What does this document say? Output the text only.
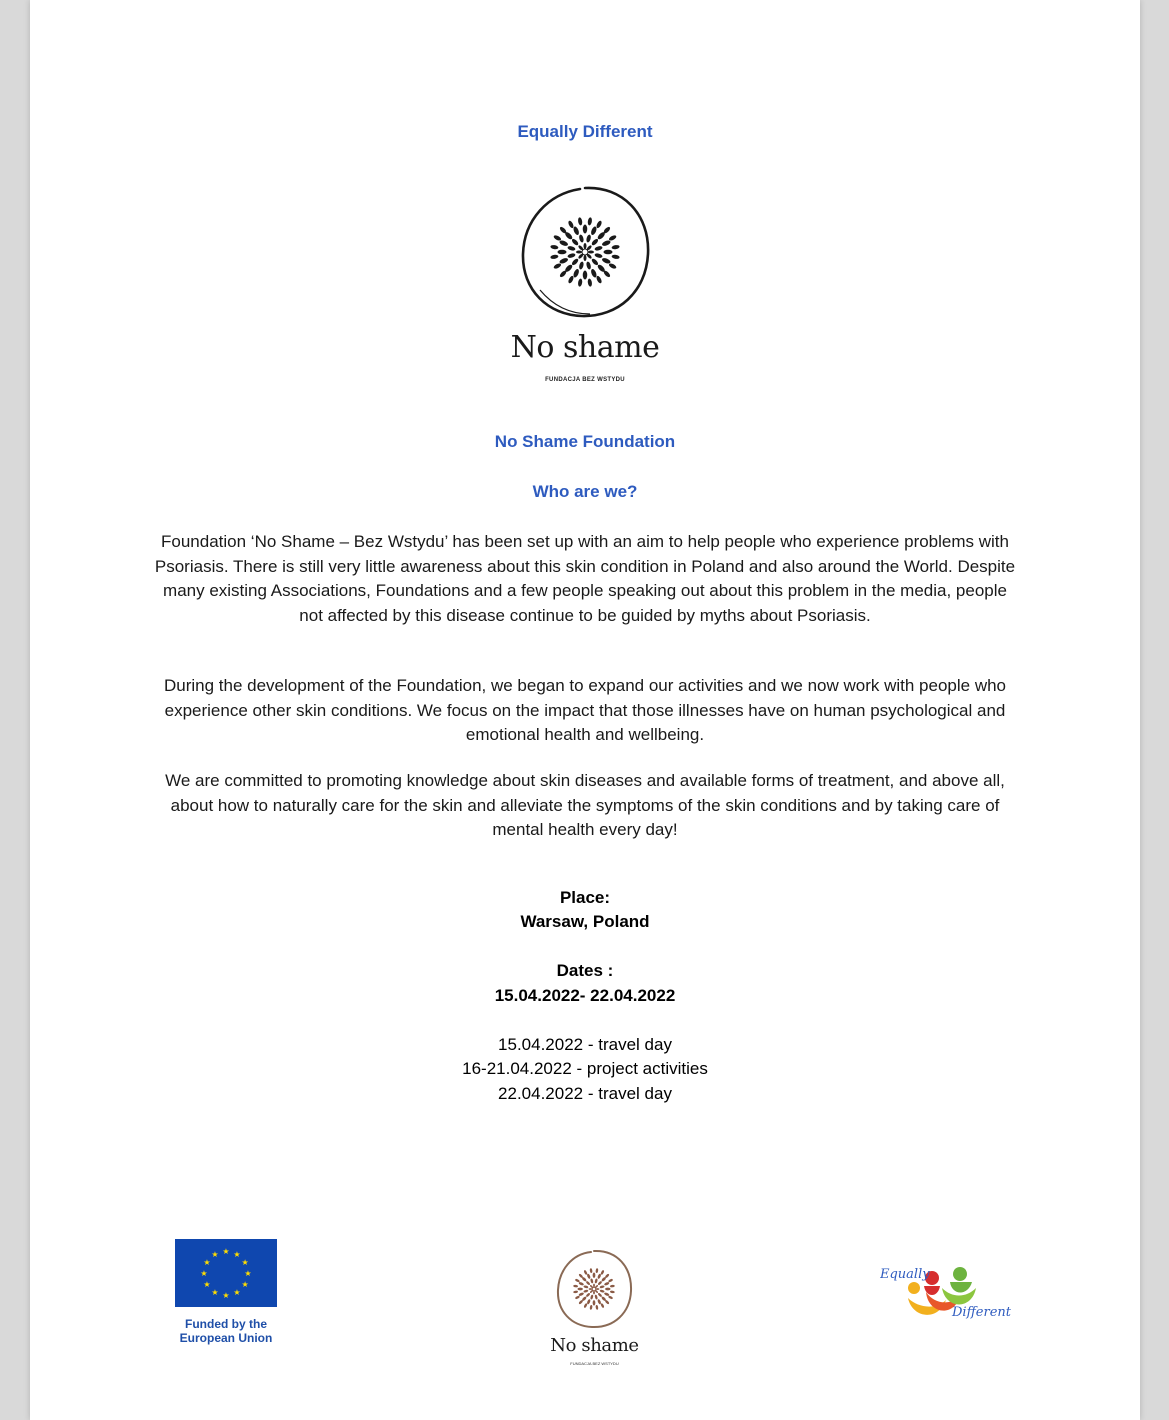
Equally Different

No shame
FUNDACJA BEZ WSTYDU

No Shame Foundation

Who are we?

Foundation ‘No Shame – Bez Wstydu’ has been set up with an aim to help people who experience problems with Psoriasis. There is still very little awareness about this skin condition in Poland and also around the World. Despite many existing Associations, Foundations and a few people speaking out about this problem in the media, people not affected by this disease continue to be guided by myths about Psoriasis.

During the development of the Foundation, we began to expand our activities and we now work with people who experience other skin conditions. We focus on the impact that those illnesses have on human psychological and emotional health and wellbeing.

We are committed to promoting knowledge about skin diseases and available forms of treatment, and above all, about how to naturally care for the skin and alleviate the symptoms of the skin conditions and by taking care of mental health every day!

Place:

Warsaw, Poland

Dates :

15.04.2022- 22.04.2022

15.04.2022 - travel day

16-21.04.2022 - project activities

22.04.2022 - travel day

★ ★
★
★
★
★
★
★
★
★
★
★
Funded by the
European Union	No shame
FUNDACJA BEZ WSTYDU
Equally
Different
